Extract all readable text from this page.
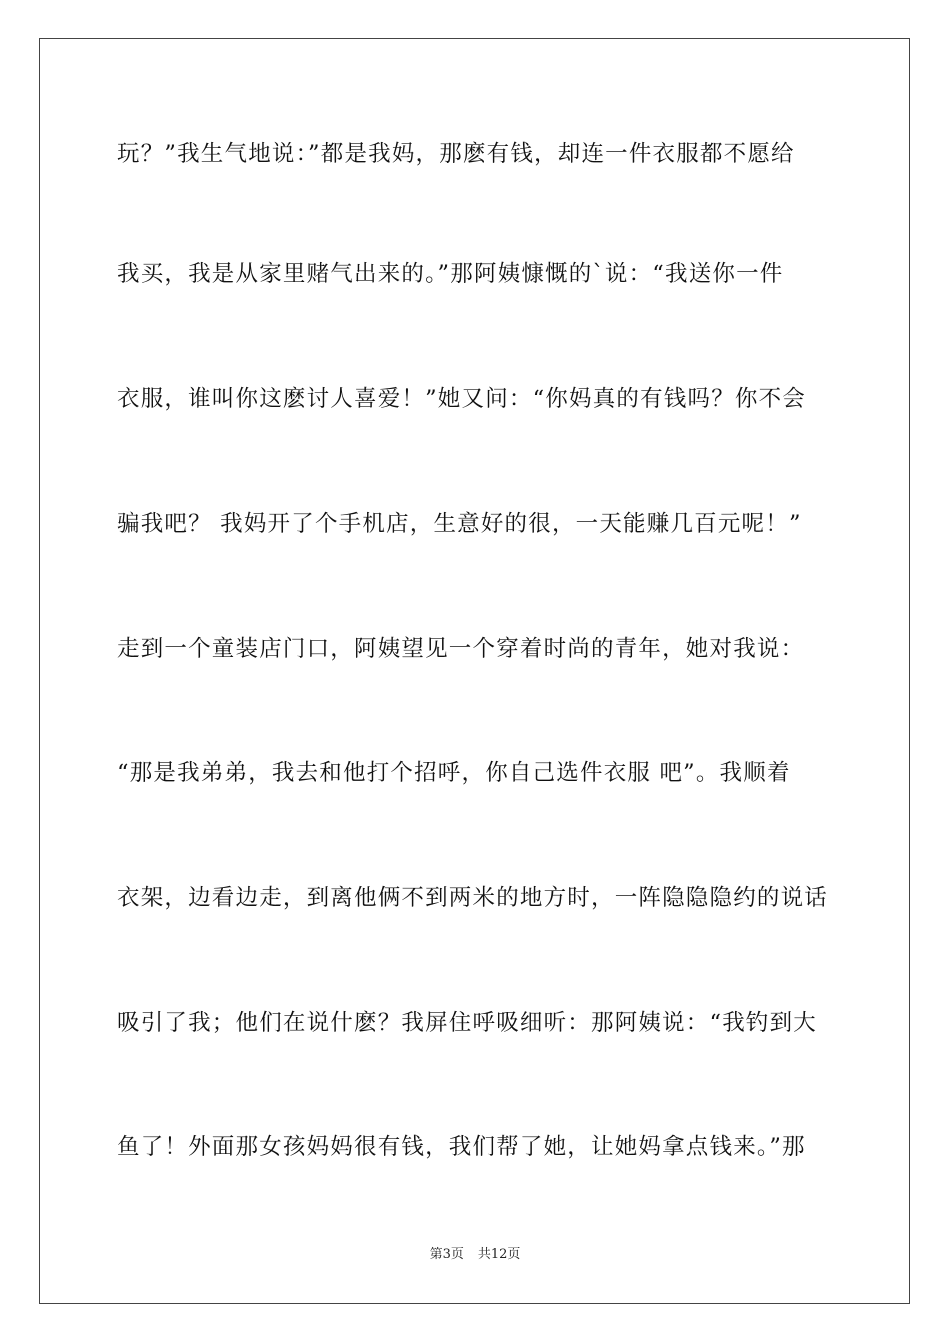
玩？”我生气地说：”都是我妈，那麽有钱，却连一件衣服都不愿给
我买，我是从家里赌气出来的。”那阿姨慷慨的`说：“我送你一件
衣服，谁叫你这麽讨人喜爱！”她又问：“你妈真的有钱吗？你不会
骗我吧？ 我妈开了个手机店，生意好的很，一天能赚几百元呢！”
走到一个童装店门口，阿姨望见一个穿着时尚的青年，她对我说：
“那是我弟弟，我去和他打个招呼，你自己选件衣服 吧”。我顺着
衣架，边看边走，到离他俩不到两米的地方时，一阵隐隐隐约的说话
吸引了我；他们在说什麽？我屏住呼吸细听：那阿姨说：“我钓到大
鱼了！外面那女孩妈妈很有钱，我们帮了她，让她妈拿点钱来。”那
第3页 共12页
